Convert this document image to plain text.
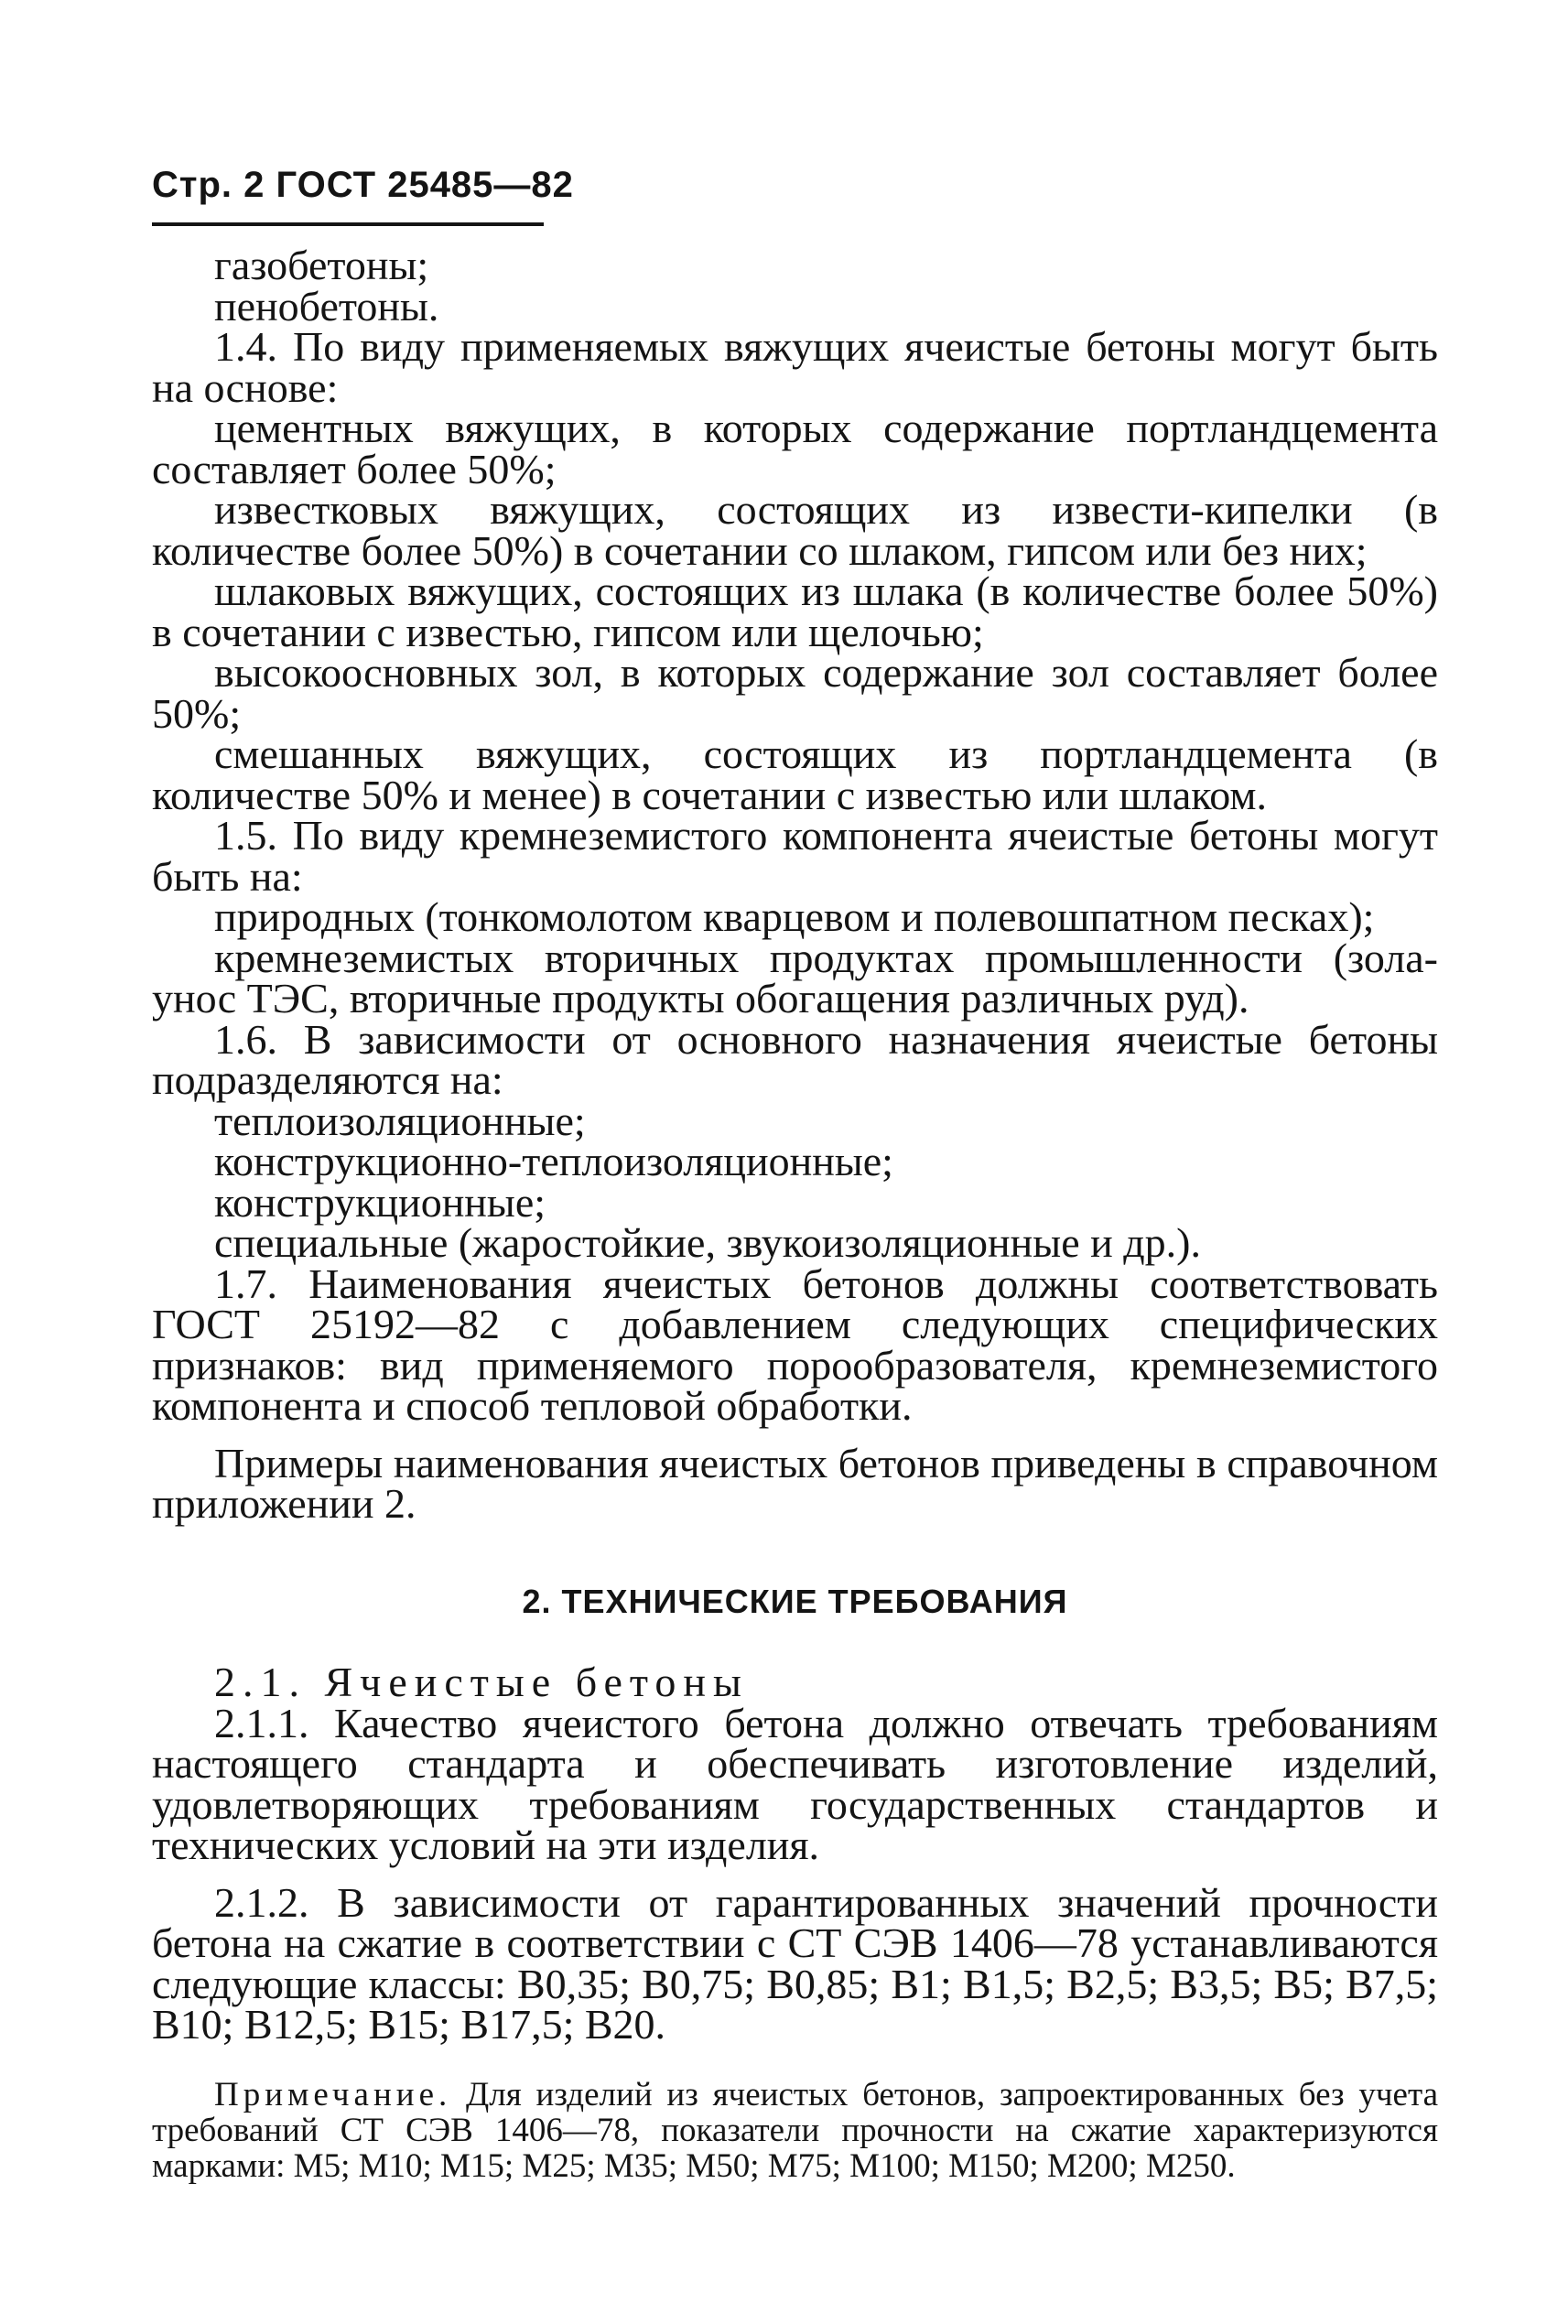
Стр. 2 ГОСТ 25485—82

газобетоны;

пенобетоны.

1.4. По виду применяемых вяжущих ячеистые бетоны могут быть на основе:

цементных вяжущих, в которых содержание портландцемента составляет более 50%;

известковых вяжущих, состоящих из извести-кипелки (в количестве более 50%) в сочетании со шлаком, гипсом или без них;

шлаковых вяжущих, состоящих из шлака (в количестве более 50%) в сочетании с известью, гипсом или щелочью;

высокоосновных зол, в которых содержание зол составляет более 50%;

смешанных вяжущих, состоящих из портландцемента (в количестве 50% и менее) в сочетании с известью или шлаком.

1.5. По виду кремнеземистого компонента ячеистые бетоны могут быть на:

природных (тонкомолотом кварцевом и полевошпатном песках);

кремнеземистых вторичных продуктах промышленности (зола-унос ТЭС, вторичные продукты обогащения различных руд).

1.6. В зависимости от основного назначения ячеистые бетоны подразделяются на:

теплоизоляционные;

конструкционно-теплоизоляционные;

конструкционные;

специальные (жаростойкие, звукоизоляционные и др.).

1.7. Наименования ячеистых бетонов должны соответствовать ГОСТ 25192—82 с добавлением следующих специфических признаков: вид применяемого порообразователя, кремнеземистого компонента и способ тепловой обработки.

Примеры наименования ячеистых бетонов приведены в справочном приложении 2.

2. ТЕХНИЧЕСКИЕ ТРЕБОВАНИЯ

2.1. Ячеистые бетоны

2.1.1. Качество ячеистого бетона должно отвечать требованиям настоящего стандарта и обеспечивать изготовление изделий, удовлетворяющих требованиям государственных стандартов и технических условий на эти изделия.

2.1.2. В зависимости от гарантированных значений прочности бетона на сжатие в соответствии с СТ СЭВ 1406—78 устанавливаются следующие классы: В0,35; В0,75; В0,85; В1; В1,5; В2,5; В3,5; В5; В7,5; В10; В12,5; В15; В17,5; В20.

Примечание. Для изделий из ячеистых бетонов, запроектированных без учета требований СТ СЭВ 1406—78, показатели прочности на сжатие характеризуются марками: М5; М10; М15; М25; М35; М50; М75; М100; М150; М200; М250.
